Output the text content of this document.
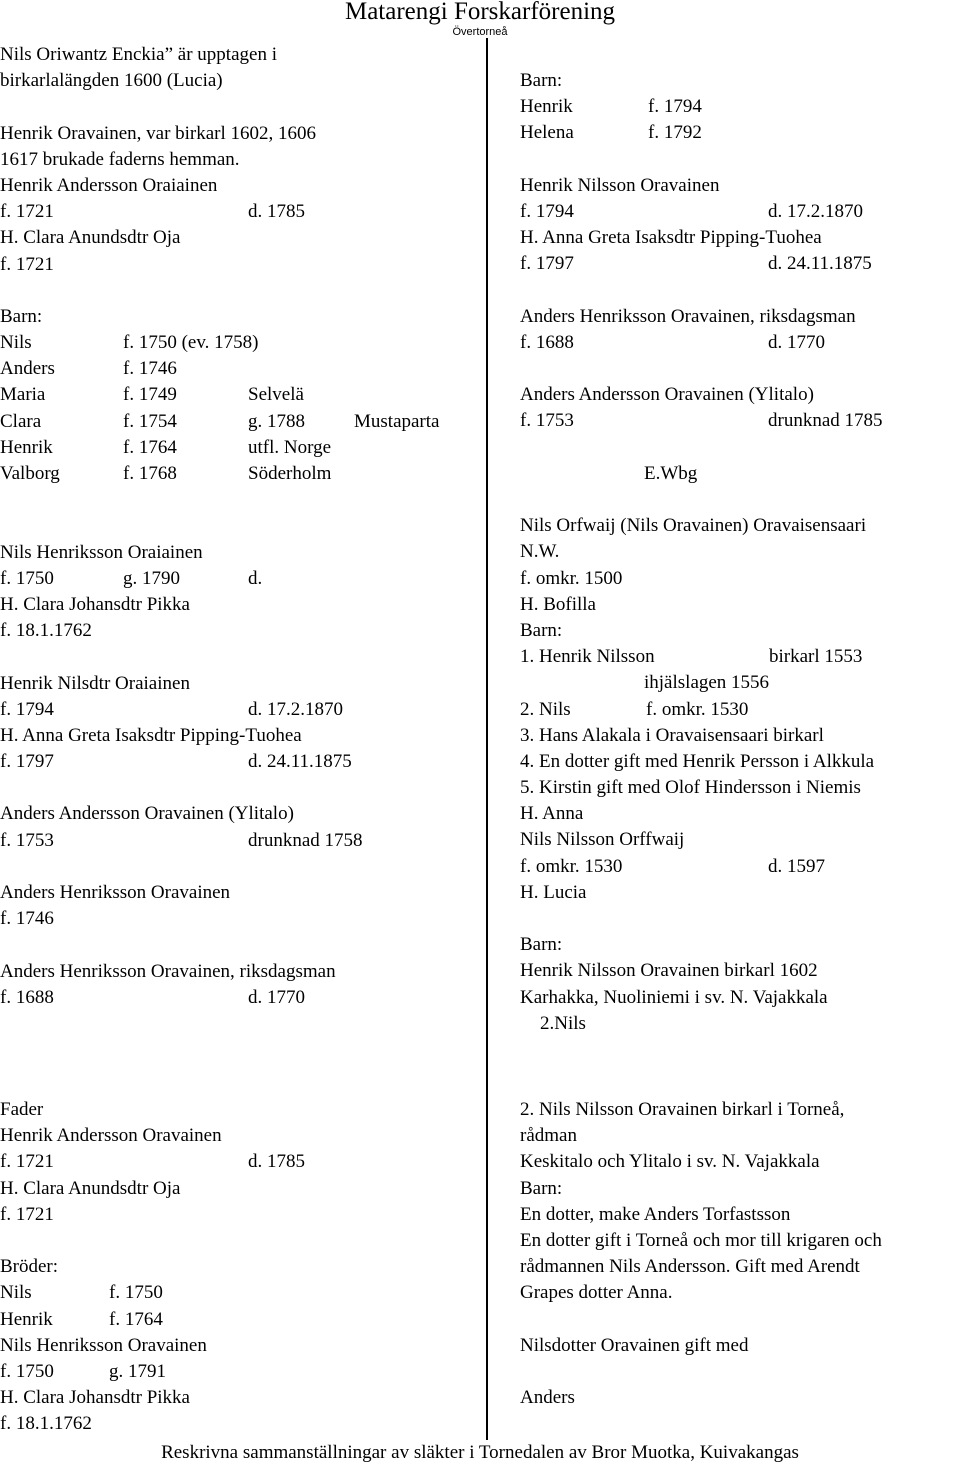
Matarengi Forskarförening
Övertorneå
Nils Oriwantz Enckia” är upptagen i
birkarlalängden 1600 (Lucia)
Henrik Oravainen, var birkarl 1602, 1606
1617 brukade faderns hemman.
Henrik Andersson Oraiainen
f. 1721	d. 1785
H. Clara Anundsdtr Oja
f. 1721
Barn:
Nils	f. 1750 (ev. 1758)
Anders	f. 1746
Maria	f. 1749	Selvelä
Clara	f. 1754	g. 1788	Mustaparta
Henrik	f. 1764	utfl. Norge
Valborg	f. 1768	Söderholm
Nils Henriksson Oraiainen
f. 1750	g. 1790	d.
H. Clara Johansdtr Pikka
f. 18.1.1762
Henrik Nilsdtr Oraiainen
f. 1794	d. 17.2.1870
H. Anna Greta Isaksdtr Pipping-Tuohea
f. 1797	d. 24.11.1875
Anders Andersson Oravainen (Ylitalo)
f. 1753	drunknad 1758
Anders Henriksson Oravainen
f. 1746
Anders Henriksson Oravainen, riksdagsman
f. 1688	d. 1770
Barn:
Henrik	f. 1794
Helena	f. 1792
Henrik Nilsson Oravainen
f. 1794	d. 17.2.1870
H. Anna Greta Isaksdtr Pipping-Tuohea
f. 1797	d. 24.11.1875
Anders Henriksson Oravainen, riksdagsman
f. 1688	d. 1770
Anders Andersson Oravainen (Ylitalo)
f. 1753	drunknad 1785
E.Wbg
Nils Orfwaij (Nils Oravainen) Oravaisensaari
N.W.
f. omkr. 1500
H. Bofilla
Barn:
1. Henrik Nilsson	birkarl 1553
ihjälslagen 1556
2. Nils	f. omkr. 1530
3. Hans Alakala i Oravaisensaari birkarl
4. En dotter gift med Henrik Persson i Alkkula
5. Kirstin gift med Olof Hindersson i Niemis
H. Anna
Nils Nilsson Orffwaij
f. omkr. 1530	d. 1597
H. Lucia
Barn:
Henrik Nilsson Oravainen birkarl 1602
Karhakka, Nuoliniemi i sv. N. Vajakkala
2.Nils
Fader
Henrik Andersson Oravainen
f. 1721	d. 1785
H. Clara Anundsdtr Oja
f. 1721
Bröder:
Nils	f. 1750
Henrik	f. 1764
Nils Henriksson Oravainen
f. 1750	g. 1791
H. Clara Johansdtr Pikka
f. 18.1.1762
2. Nils Nilsson Oravainen birkarl i Torneå,
rådman
Keskitalo och Ylitalo i sv. N. Vajakkala
Barn:
En dotter, make Anders Torfastsson
En dotter gift i Torneå och mor till krigaren och
rådmannen Nils Andersson. Gift med Arendt
Grapes dotter Anna.
Nilsdotter Oravainen gift med
Anders
Reskrivna sammanställningar av släkter i Tornedalen av Bror Muotka, Kuivakangas
